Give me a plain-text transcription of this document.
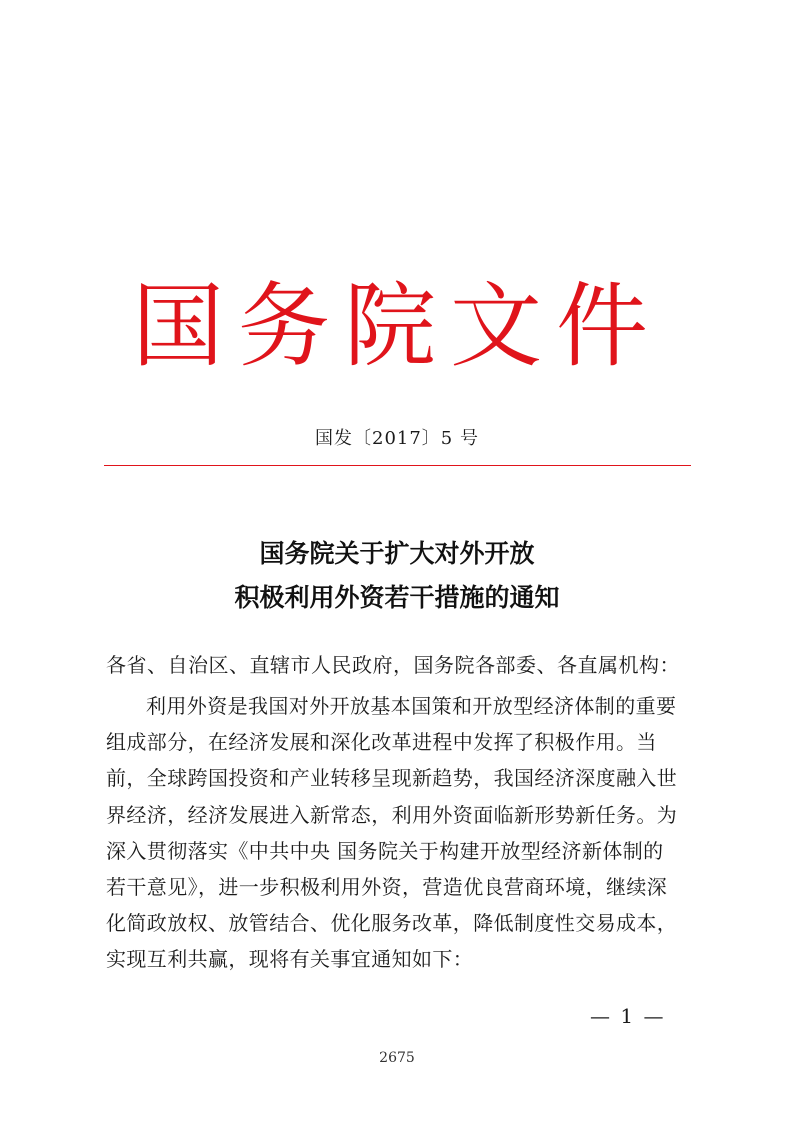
国务院文件
国发〔2017〕5 号
国务院关于扩大对外开放
积极利用外资若干措施的通知
各省、自治区、直辖市人民政府，国务院各部委、各直属机构：
利用外资是我国对外开放基本国策和开放型经济体制的重要
组成部分，在经济发展和深化改革进程中发挥了积极作用。当
前，全球跨国投资和产业转移呈现新趋势，我国经济深度融入世
界经济，经济发展进入新常态，利用外资面临新形势新任务。为
深入贯彻落实《中共中央 国务院关于构建开放型经济新体制的
若干意见》，进一步积极利用外资，营造优良营商环境，继续深
化简政放权、放管结合、优化服务改革，降低制度性交易成本，
实现互利共赢，现将有关事宜通知如下：
— 1 —
2675
